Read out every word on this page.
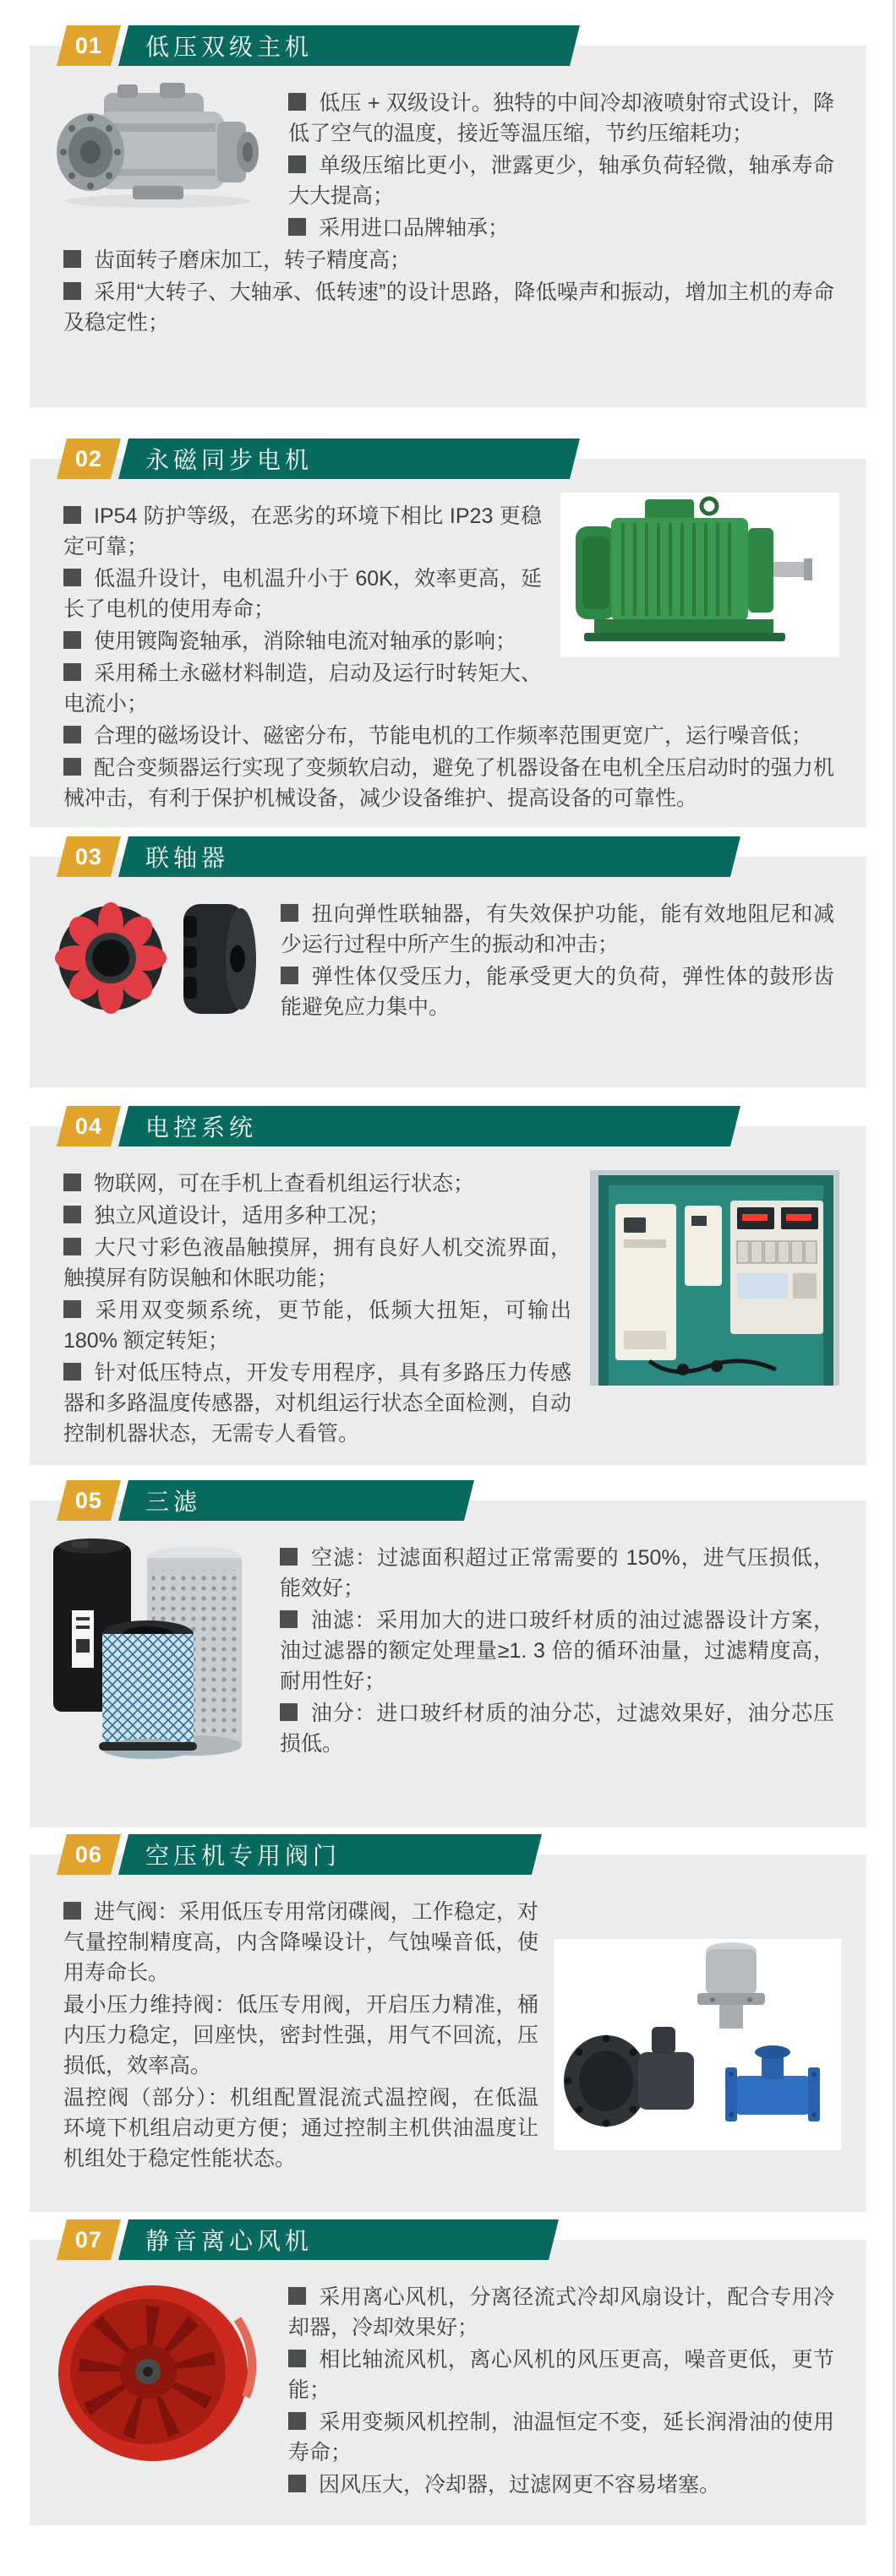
01	低压双级主机

低压 + 双级设计。独特的中间冷却液喷射帘式设计，降低了空气的温度，接近等温压缩，节约压缩耗功；

单级压缩比更小，泄露更少，轴承负荷轻微，轴承寿命大大提高；

采用进口品牌轴承；

齿面转子磨床加工，转子精度高；

采用“大转子、大轴承、低转速”的设计思路，降低噪声和振动，增加主机的寿命及稳定性；

02	永磁同步电机

IP54 防护等级，在恶劣的环境下相比 IP23 更稳定可靠；

低温升设计，电机温升小于 60K，效率更高，延长了电机的使用寿命；

使用镀陶瓷轴承，消除轴电流对轴承的影响；

采用稀土永磁材料制造，启动及运行时转矩大、电流小；

合理的磁场设计、磁密分布，节能电机的工作频率范围更宽广，运行噪音低；

配合变频器运行实现了变频软启动，避免了机器设备在电机全压启动时的强力机械冲击，有利于保护机械设备，减少设备维护、提高设备的可靠性。

03	联轴器

扭向弹性联轴器，有失效保护功能，能有效地阻尼和减少运行过程中所产生的振动和冲击；

弹性体仅受压力，能承受更大的负荷，弹性体的鼓形齿能避免应力集中。

04	电控系统

物联网，可在手机上查看机组运行状态；

独立风道设计，适用多种工况；

大尺寸彩色液晶触摸屏，拥有良好人机交流界面，触摸屏有防误触和休眠功能；

采用双变频系统，更节能，低频大扭矩，可输出 180% 额定转矩；

针对低压特点，开发专用程序，具有多路压力传感器和多路温度传感器，对机组运行状态全面检测，自动控制机器状态，无需专人看管。

05	三滤

空滤：过滤面积超过正常需要的 150%，进气压损低，能效好；

油滤：采用加大的进口玻纤材质的油过滤器设计方案，油过滤器的额定处理量≥1. 3 倍的循环油量，过滤精度高，耐用性好；

油分：进口玻纤材质的油分芯，过滤效果好，油分芯压损低。

06	空压机专用阀门

进气阀：采用低压专用常闭碟阀，工作稳定，对气量控制精度高，内含降噪设计，气蚀噪音低，使用寿命长。

最小压力维持阀：低压专用阀，开启压力精准，桶内压力稳定，回座快，密封性强，用气不回流，压损低，效率高。

温控阀（部分）：机组配置混流式温控阀，在低温环境下机组启动更方便；通过控制主机供油温度让机组处于稳定性能状态。

07	静音离心风机

采用离心风机，分离径流式冷却风扇设计，配合专用冷却器，冷却效果好；

相比轴流风机，离心风机的风压更高，噪音更低，更节能；

采用变频风机控制，油温恒定不变，延长润滑油的使用寿命；

因风压大，冷却器，过滤网更不容易堵塞。
